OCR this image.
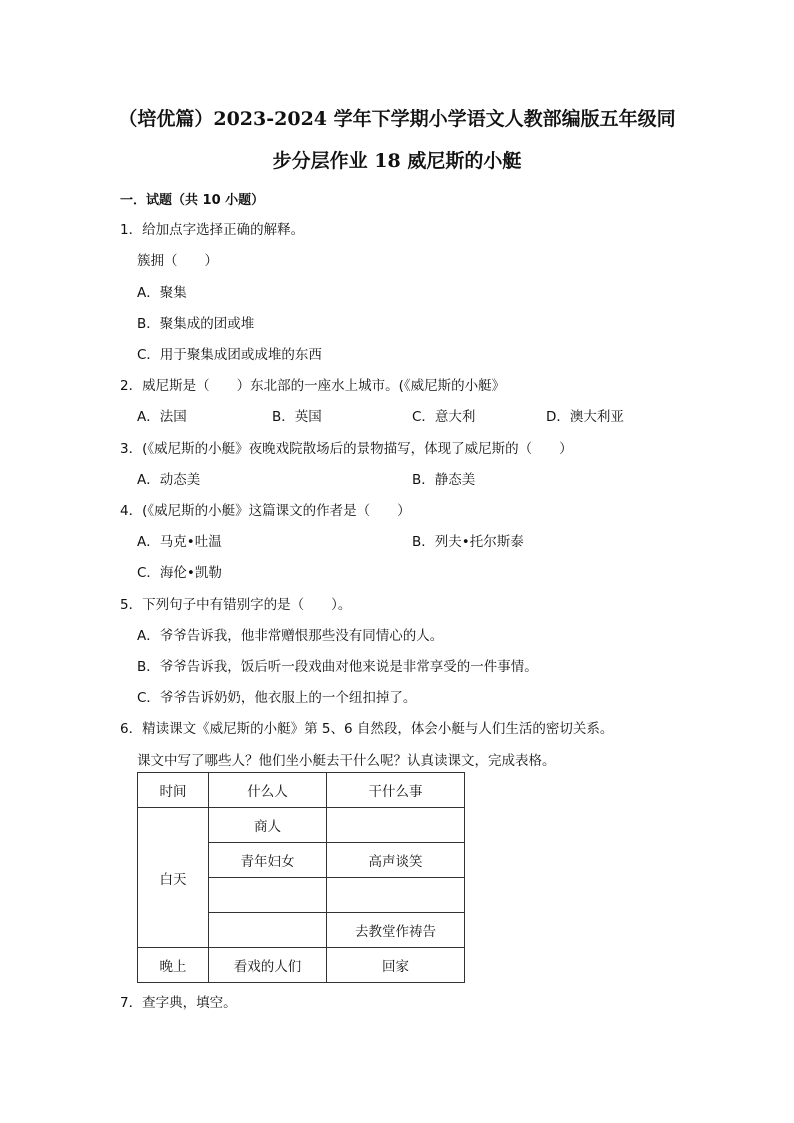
（培优篇）2023-2024 学年下学期小学语文人教部编版五年级同
步分层作业 18 威尼斯的小艇

一．试题（共 10 小题）

1．给加点字选择正确的解释。

簇拥（　　）

A．聚集

B．聚集成的团或堆

C．用于聚集成团或成堆的东西

2．威尼斯是（　　）东北部的一座水上城市。(《威尼斯的小艇》

A．法国	B．英国	C．意大利	D．澳大利亚

3．(《威尼斯的小艇》夜晚戏院散场后的景物描写，体现了威尼斯的（　　）

A．动态美	B．静态美

4．(《威尼斯的小艇》这篇课文的作者是（　　）

A．马克•吐温	B．列夫•托尔斯泰

C．海伦•凯勒

5．下列句子中有错别字的是（　　）。

A．爷爷告诉我，他非常赠恨那些没有同情心的人。

B．爷爷告诉我，饭后听一段戏曲对他来说是非常享受的一件事情。

C．爷爷告诉奶奶，他衣服上的一个纽扣掉了。

6．精读课文《威尼斯的小艇》第 5、6 自然段，体会小艇与人们生活的密切关系。

课文中写了哪些人？他们坐小艇去干什么呢？认真读课文，完成表格。

时间	什么人	干什么事
白天	商人	
	青年妇女	高声谈笑

		去教堂作祷告
晚上	看戏的人们	回家

7．查字典，填空。
